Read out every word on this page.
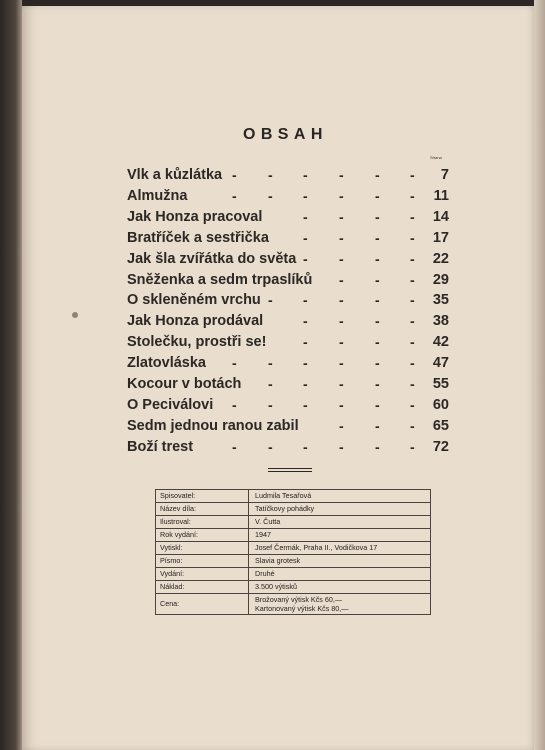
OBSAH
Strana
Vlk a kůzlátka	7
- - - - - -
Almužna	11
- - - - - -
Jak Honza pracoval	14
- - - -
Bratříček a sestřička	17
- - - -
Jak šla zvířátka do světa	22
- - - -
Sněženka a sedm trpaslíků	29
- - -
O skleněném vrchu	35
- - - - -
Jak Honza prodával	38
- - - -
Stolečku, prostři se!	42
- - - -
Zlatovláska	47
- - - - - -
Kocour v botách	55
- - - - -
O Peciválovi	60
- - - - - -
Sedm jednou ranou zabil	65
- - -
Boží trest	72
- - - - - -
Spisovatel:	Ludmila Tesařová
Název díla:	Tatíčkovy pohádky
Ilustroval:	V. Čutta
Rok vydání:	1947
Vytiskl:	Josef Čermák, Praha II., Vodičkova 17
Písmo:	Slavia grotesk
Vydání:	Druhé
Náklad:	3.500 výtisků
Cena:	Brožovaný výtisk Kčs 60,—
Kartonovaný výtisk Kčs 80,—
